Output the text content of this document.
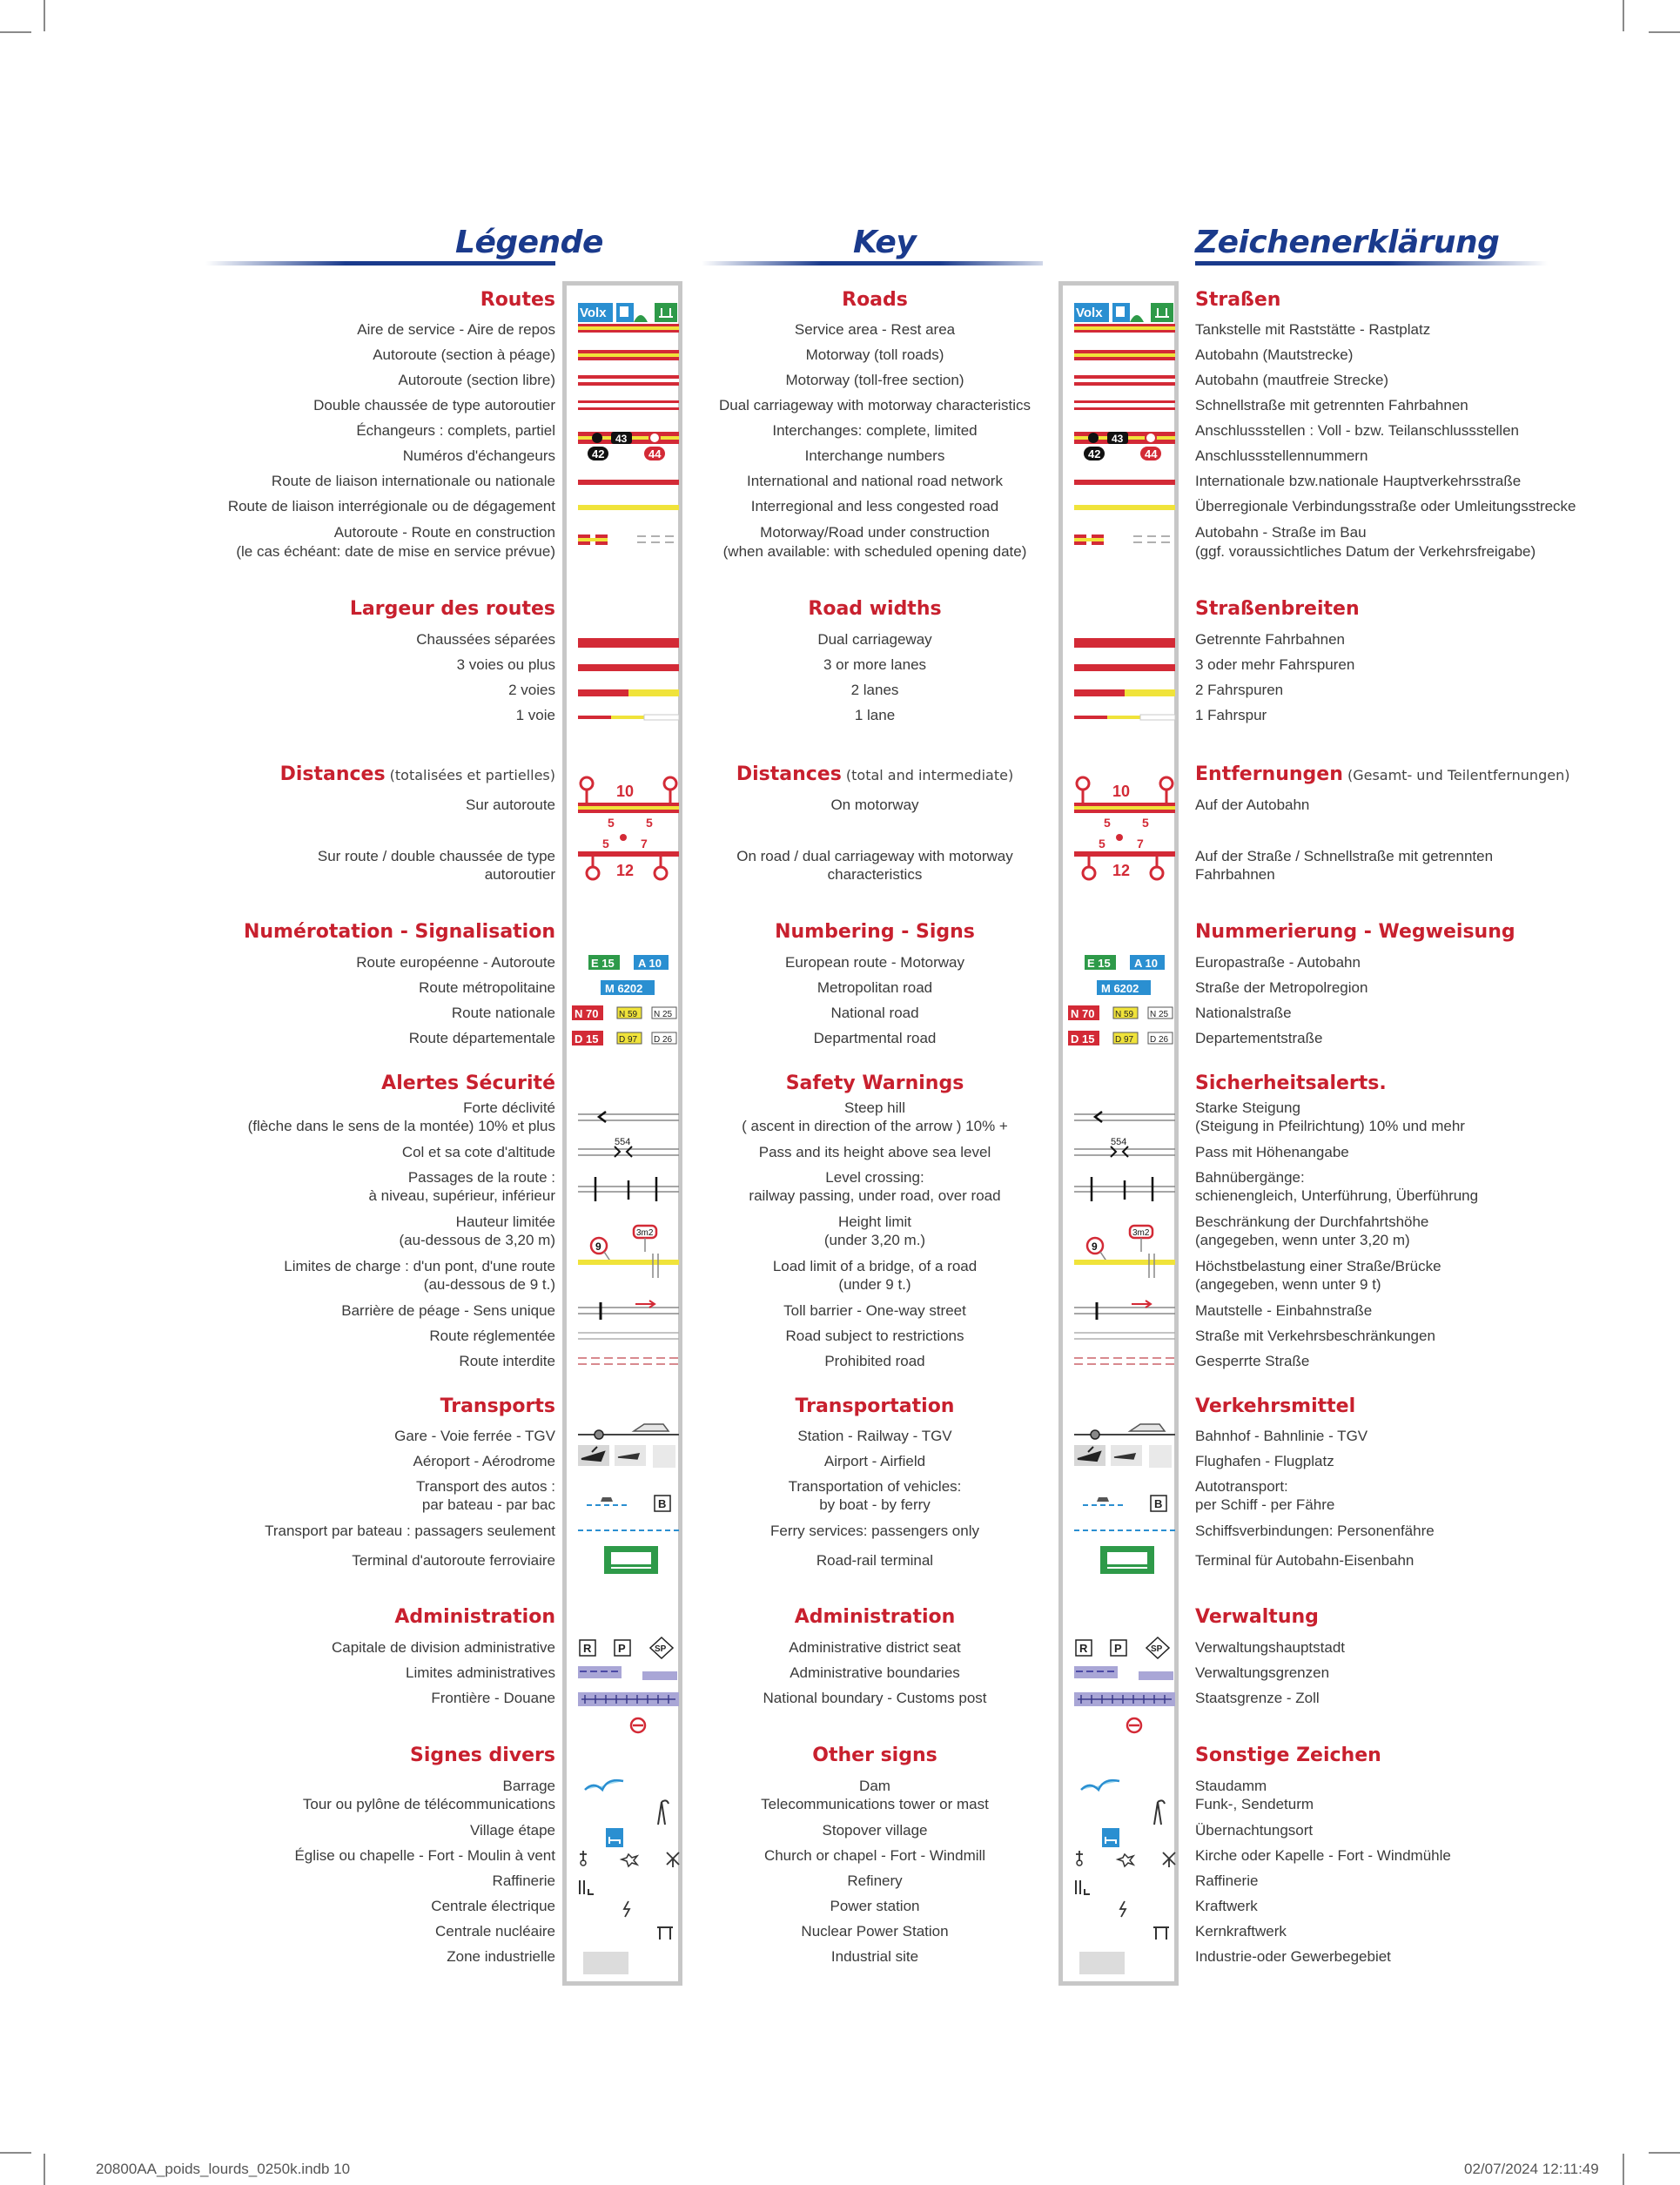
Légende	Key	Zeichenerklärung
Routes
Aire de service - Aire de repos
Autoroute (section à péage)
Autoroute (section libre)
Double chaussée de type autoroutier
Échangeurs : complets, partiel
Numéros d'échangeurs
Route de liaison internationale ou nationale
Route de liaison interrégionale ou de dégagement
Autoroute - Route en construction
(le cas échéant: date de mise en service prévue)
Largeur des routes
Chaussées séparées
3 voies ou plus
2 voies
1 voie
Distances (totalisées et partielles)
Sur autoroute
Sur route / double chaussée de type
autoroutier
Numérotation - Signalisation
Route européenne - Autoroute
Route métropolitaine
Route nationale
Route départementale
Alertes Sécurité
Forte déclivité
(flèche dans le sens de la montée) 10% et plus
Col et sa cote d'altitude
Passages de la route :
à niveau, supérieur, inférieur
Hauteur limitée
(au-dessous de 3,20 m)
Limites de charge : d'un pont, d'une route
(au-dessous de 9 t.)
Barrière de péage - Sens unique
Route réglementée
Route interdite
Transports
Gare - Voie ferrée - TGV
Aéroport - Aérodrome
Transport des autos :
par bateau - par bac
Transport par bateau : passagers seulement
Terminal d'autoroute ferroviaire
Administration
Capitale de division administrative
Limites administratives
Frontière - Douane
Signes divers
Barrage
Tour ou pylône de télécommunications
Village étape
Église ou chapelle - Fort - Moulin à vent
Raffinerie
Centrale électrique
Centrale nucléaire
Zone industrielle
Roads
Service area - Rest area
Motorway (toll roads)
Motorway (toll-free section)
Dual carriageway with motorway characteristics
Interchanges: complete, limited
Interchange numbers
International and national road network
Interregional and less congested road
Motorway/Road under construction
(when available: with scheduled opening date)
Road widths
Dual carriageway
3 or more lanes
2 lanes
1 lane
Distances (total and intermediate)
On motorway
On road / dual carriageway with motorway
characteristics
Numbering - Signs
European route - Motorway
Metropolitan road
National road
Departmental road
Safety Warnings
Steep hill
( ascent in direction of the arrow ) 10% +
Pass and its height above sea level
Level crossing:
railway passing, under road, over road
Height limit
(under 3,20 m.)
Load limit of a bridge, of a road
(under 9 t.)
Toll barrier - One-way street
Road subject to restrictions
Prohibited road
Transportation
Station - Railway - TGV
Airport - Airfield
Transportation of vehicles:
by boat - by ferry
Ferry services: passengers only
Road-rail terminal
Administration
Administrative district seat
Administrative boundaries
National boundary - Customs post
Other signs
Dam
Telecommunications tower or mast
Stopover village
Church or chapel - Fort - Windmill
Refinery
Power station
Nuclear Power Station
Industrial site
Straßen
Tankstelle mit Raststätte - Rastplatz
Autobahn (Mautstrecke)
Autobahn (mautfreie Strecke)
Schnellstraße mit getrennten Fahrbahnen
Anschlussstellen : Voll - bzw. Teilanschlussstellen
Anschlussstellennummern
Internationale bzw.nationale Hauptverkehrsstraße
Überregionale Verbindungsstraße oder Umleitungsstrecke
Autobahn - Straße im Bau
(ggf. voraussichtliches Datum der Verkehrsfreigabe)
Straßenbreiten
Getrennte Fahrbahnen
3 oder mehr Fahrspuren
2 Fahrspuren
1 Fahrspur
Entfernungen (Gesamt- und Teilentfernungen)
Auf der Autobahn
Auf der Straße / Schnellstraße mit getrennten
Fahrbahnen
Nummerierung - Wegweisung
Europastraße - Autobahn
Straße der Metropolregion
Nationalstraße
Departementstraße
Sicherheitsalerts.
Starke Steigung
(Steigung in Pfeilrichtung) 10% und mehr
Pass mit Höhenangabe
Bahnübergänge:
schienengleich, Unterführung, Überführung
Beschränkung der Durchfahrtshöhe
(angegeben, wenn unter 3,20 m)
Höchstbelastung einer Straße/Brücke
(angegeben, wenn unter 9 t)
Mautstelle - Einbahnstraße
Straße mit Verkehrsbeschränkungen
Gesperrte Straße
Verkehrsmittel
Bahnhof - Bahnlinie - TGV
Flughafen - Flugplatz
Autotransport:
per Schiff - per Fähre
Schiffsverbindungen: Personenfähre
Terminal für Autobahn-Eisenbahn
Verwaltung
Verwaltungshauptstadt
Verwaltungsgrenzen
Staatsgrenze - Zoll
Sonstige Zeichen
Staudamm
Funk-, Sendeturm
Übernachtungsort
Kirche oder Kapelle - Fort - Windmühle
Raffinerie
Kraftwerk
Kernkraftwerk
Industrie-oder Gewerbegebiet
Volx
43
42	44
10
5	5
5	7
12
E 15 A 10
M 6202
N 70 N 59 N 25
D 15 D 97 D 26
554
9
3m2
B
R P	SP
Volx
43
42	44
10
5	5
5	7
12
E 15 A 10
M 6202
N 70 N 59 N 25
D 15 D 97 D 26
554
9
3m2
B
R P	SP
20800AA_poids_lourds_0250k.indb 10	02/07/2024 12:11:49
